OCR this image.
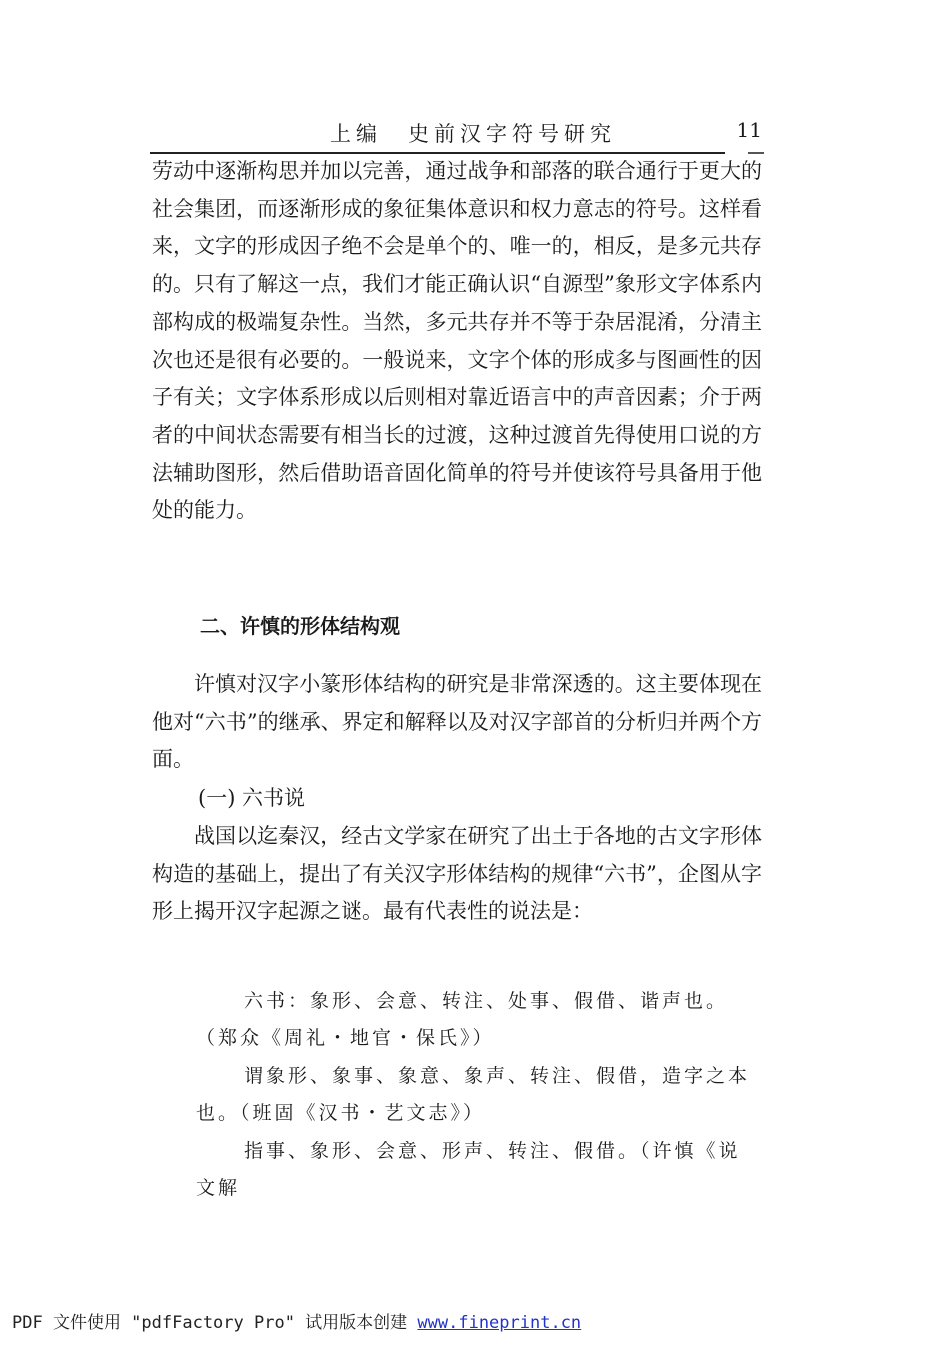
上编　史前汉字符号研究	11

劳动中逐渐构思并加以完善，通过战争和部落的联合通行于更大的社会集团，而逐渐形成的象征集体意识和权力意志的符号。这样看来，文字的形成因子绝不会是单个的、唯一的，相反，是多元共存的。只有了解这一点，我们才能正确认识“自源型”象形文字体系内部构成的极端复杂性。当然，多元共存并不等于杂居混淆，分清主次也还是很有必要的。一般说来，文字个体的形成多与图画性的因子有关；文字体系形成以后则相对靠近语言中的声音因素；介于两者的中间状态需要有相当长的过渡，这种过渡首先得使用口说的方法辅助图形，然后借助语音固化简单的符号并使该符号具备用于他处的能力。

二、许慎的形体结构观

许慎对汉字小篆形体结构的研究是非常深透的。这主要体现在他对“六书”的继承、界定和解释以及对汉字部首的分析归并两个方面。

(一) 六书说

战国以迄秦汉，经古文学家在研究了出土于各地的古文字形体构造的基础上，提出了有关汉字形体结构的规律“六书”，企图从字形上揭开汉字起源之谜。最有代表性的说法是：

六书：象形、会意、转注、处事、假借、谐声也。（郑众《周礼・地官・保氏》）

谓象形、象事、象意、象声、转注、假借，造字之本也。（班固《汉书・艺文志》）

指事、象形、会意、形声、转注、假借。（许慎《说文解

PDF 文件使用 "pdfFactory Pro" 试用版本创建 www.fineprint.cn
